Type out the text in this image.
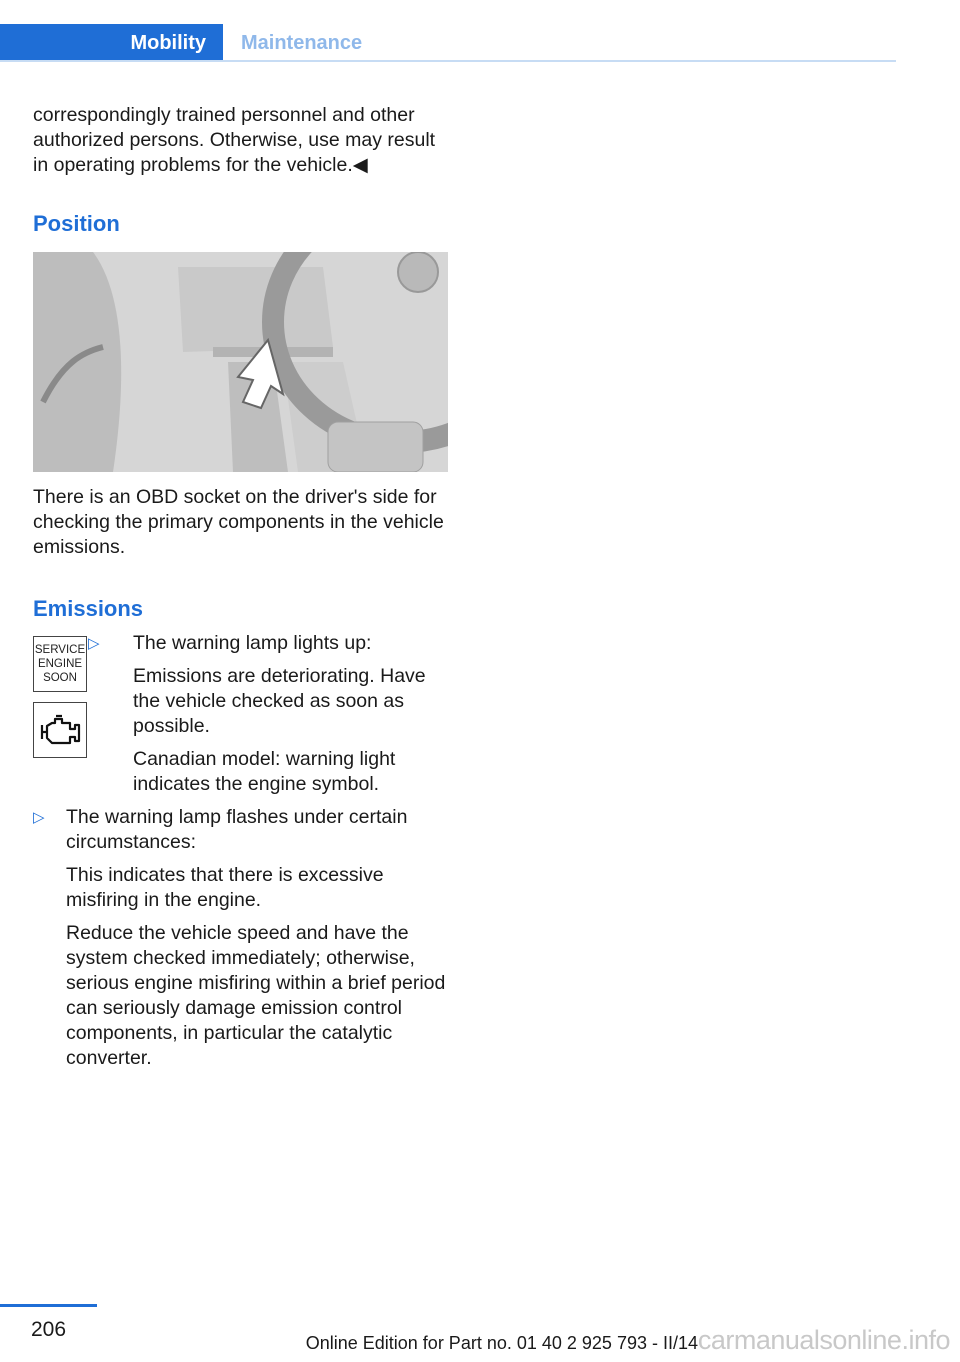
Mobility	Maintenance

correspondingly trained personnel and other authorized persons. Otherwise, use may result in operating problems for the vehicle.◀

Position

There is an OBD socket on the driver's side for checking the primary components in the vehicle emissions.

Emissions
SERVICE ENGINE SOON
▷ The warning lamp lights up:

Emissions are deteriorating. Have the vehicle checked as soon as possible.

Canadian model: warning light indicates the engine symbol.

▷ The warning lamp flashes under certain circumstances:

This indicates that there is excessive misfiring in the engine.

Reduce the vehicle speed and have the system checked immediately; otherwise, serious engine misfiring within a brief period can seriously damage emission control components, in particular the catalytic converter.

206
Online Edition for Part no. 01 40 2 925 793 - II/14 carmanualsonline.info
